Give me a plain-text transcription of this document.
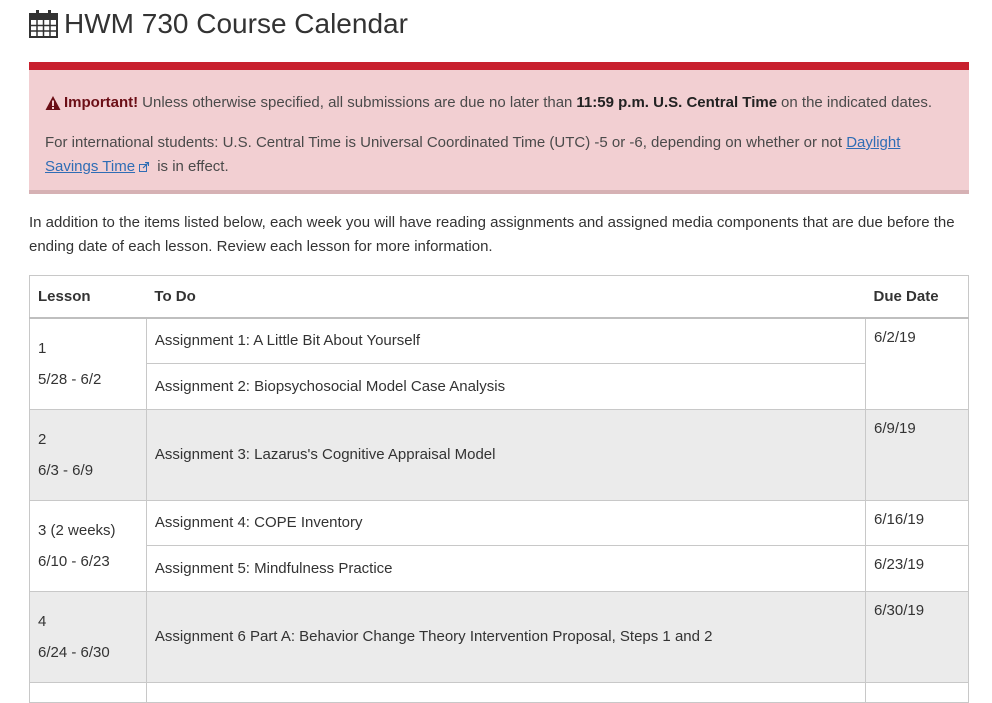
HWM 730 Course Calendar
Important! Unless otherwise specified, all submissions are due no later than 11:59 p.m. U.S. Central Time on the indicated dates.
For international students: U.S. Central Time is Universal Coordinated Time (UTC) -5 or -6, depending on whether or not Daylight Savings Time is in effect.
In addition to the items listed below, each week you will have reading assignments and assigned media components that are due before the ending date of each lesson. Review each lesson for more information.
Lesson	To Do	Due Date

1
5/28 - 6/2	Assignment 1: A Little Bit About Yourself	6/2/19
	Assignment 2: Biopsychosocial Model Case Analysis	

2
6/3 - 6/9	Assignment 3: Lazarus's Cognitive Appraisal Model	6/9/19

3 (2 weeks)
6/10 - 6/23	Assignment 4: COPE Inventory	6/16/19
	Assignment 5: Mindfulness Practice	6/23/19

4
6/24 - 6/30	Assignment 6 Part A: Behavior Change Theory Intervention Proposal, Steps 1 and 2	6/30/19
